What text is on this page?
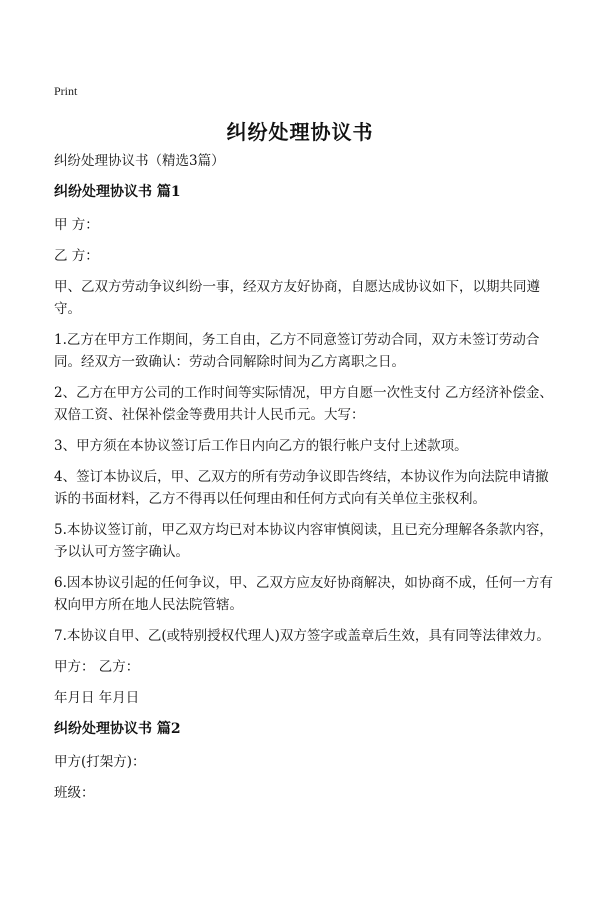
Print
纠纷处理协议书
纠纷处理协议书（精选3篇）
纠纷处理协议书 篇1
甲 方：
乙 方：
甲、乙双方劳动争议纠纷一事，经双方友好协商，自愿达成协议如下，以期共同遵守。
1.乙方在甲方工作期间，务工自由，乙方不同意签订劳动合同，双方未签订劳动合同。经双方一致确认：劳动合同解除时间为乙方离职之日。
2、乙方在甲方公司的工作时间等实际情况，甲方自愿一次性支付 乙方经济补偿金、双倍工资、社保补偿金等费用共计人民币元。大写：
3、甲方须在本协议签订后工作日内向乙方的银行帐户支付上述款项。
4、签订本协议后，甲、乙双方的所有劳动争议即告终结，本协议作为向法院申请撤诉的书面材料，乙方不得再以任何理由和任何方式向有关单位主张权利。
5.本协议签订前，甲乙双方均已对本协议内容审慎阅读，且已充分理解各条款内容，予以认可方签字确认。
6.因本协议引起的任何争议，甲、乙双方应友好协商解决，如协商不成，任何一方有权向甲方所在地人民法院管辖。
7.本协议自甲、乙(或特别授权代理人)双方签字或盖章后生效，具有同等法律效力。
甲方： 乙方：
年月日 年月日
纠纷处理协议书 篇2
甲方(打架方)：
班级：
